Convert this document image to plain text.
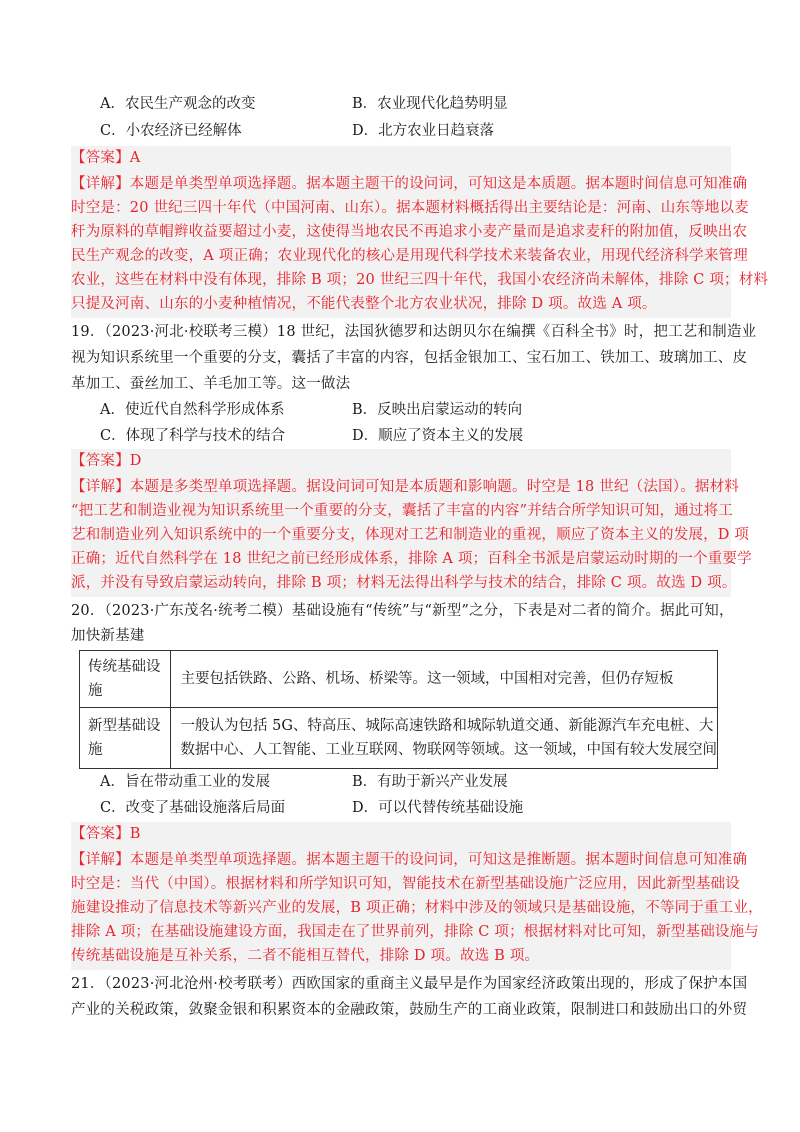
A．农民生产观念的改变	B．农业现代化趋势明显
C．小农经济已经解体	D．北方农业日趋衰落
【答案】A
【详解】本题是单类型单项选择题。据本题主题干的设问词，可知这是本质题。据本题时间信息可知准确
时空是：20 世纪三四十年代（中国河南、山东）。据本题材料概括得出主要结论是：河南、山东等地以麦
秆为原料的草帽辫收益要超过小麦，这使得当地农民不再追求小麦产量而是追求麦秆的附加值，反映出农
民生产观念的改变，A 项正确；农业现代化的核心是用现代科学技术来装备农业，用现代经济科学来管理
农业，这些在材料中没有体现，排除 B 项；20 世纪三四十年代，我国小农经济尚未解体，排除 C 项；材料
只提及河南、山东的小麦种植情况，不能代表整个北方农业状况，排除 D 项。故选 A 项。
19．（2023·河北·校联考三模）18 世纪，法国狄德罗和达朗贝尔在编撰《百科全书》时，把工艺和制造业
视为知识系统里一个重要的分支，囊括了丰富的内容，包括金银加工、宝石加工、铁加工、玻璃加工、皮
革加工、蚕丝加工、羊毛加工等。这一做法
A．使近代自然科学形成体系	B．反映出启蒙运动的转向
C．体现了科学与技术的结合	D．顺应了资本主义的发展
【答案】D
【详解】本题是多类型单项选择题。据设问词可知是本质题和影响题。时空是 18 世纪（法国）。据材料
“把工艺和制造业视为知识系统里一个重要的分支，囊括了丰富的内容”并结合所学知识可知，通过将工
艺和制造业列入知识系统中的一个重要分支，体现对工艺和制造业的重视，顺应了资本主义的发展，D 项
正确；近代自然科学在 18 世纪之前已经形成体系，排除 A 项；百科全书派是启蒙运动时期的一个重要学
派，并没有导致启蒙运动转向，排除 B 项；材料无法得出科学与技术的结合，排除 C 项。故选 D 项。
20．（2023·广东茂名·统考二模）基础设施有“传统”与“新型”之分，下表是对二者的简介。据此可知，
加快新基建
传统基础设
施	主要包括铁路、公路、机场、桥梁等。这一领域，中国相对完善，但仍存短板

新型基础设
施	一般认为包括 5G、特高压、城际高速铁路和城际轨道交通、新能源汽车充电桩、大
数据中心、人工智能、工业互联网、物联网等领域。这一领域，中国有较大发展空间
A．旨在带动重工业的发展	B．有助于新兴产业发展
C．改变了基础设施落后局面	D．可以代替传统基础设施
【答案】B
【详解】本题是单类型单项选择题。据本题主题干的设问词，可知这是推断题。据本题时间信息可知准确
时空是：当代（中国）。根据材料和所学知识可知，智能技术在新型基础设施广泛应用，因此新型基础设
施建设推动了信息技术等新兴产业的发展，B 项正确；材料中涉及的领域只是基础设施，不等同于重工业，
排除 A 项；在基础设施建设方面，我国走在了世界前列，排除 C 项；根据材料对比可知，新型基础设施与
传统基础设施是互补关系，二者不能相互替代，排除 D 项。故选 B 项。
21．（2023·河北沧州·校考联考）西欧国家的重商主义最早是作为国家经济政策出现的，形成了保护本国
产业的关税政策，敛聚金银和积累资本的金融政策，鼓励生产的工商业政策，限制进口和鼓励出口的外贸
